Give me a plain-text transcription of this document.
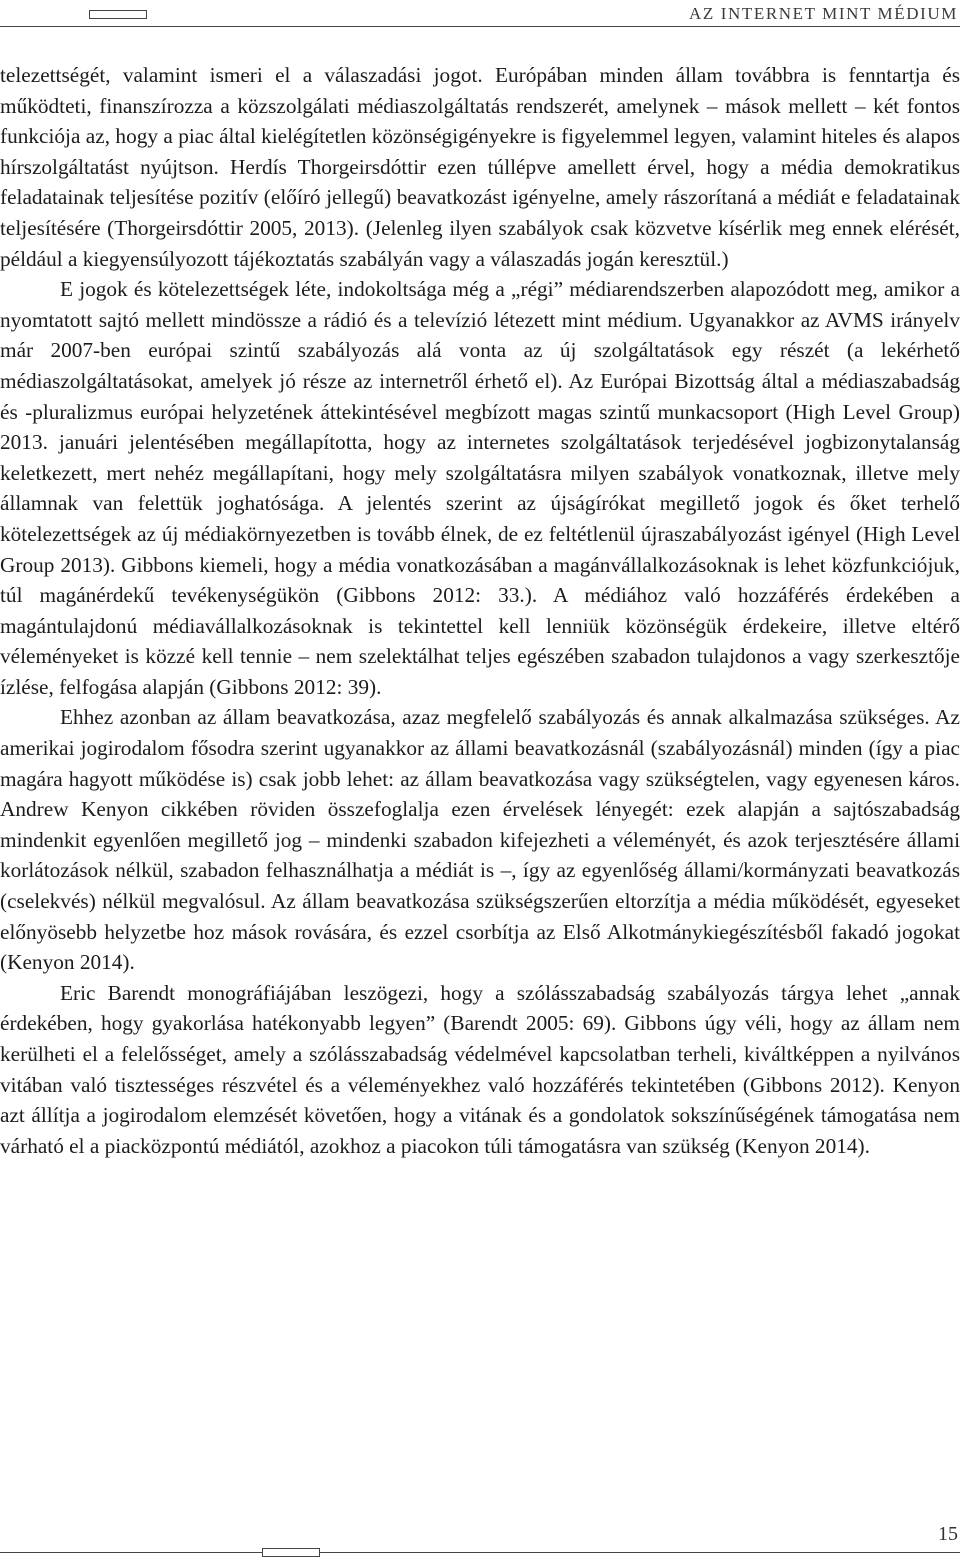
AZ INTERNET MINT MÉDIUM

telezettségét, valamint ismeri el a válaszadási jogot. Európában minden állam továbbra is fenntartja és működteti, finanszírozza a közszolgálati médiaszolgáltatás rendszerét, amelynek – mások mellett – két fontos funkciója az, hogy a piac által kielégítetlen közönségigényekre is figyelemmel legyen, valamint hiteles és alapos hírszolgáltatást nyújtson. Herdís Thorgeirsdóttir ezen túllépve amellett érvel, hogy a média demokratikus feladatainak teljesítése pozitív (előíró jellegű) beavatkozást igényelne, amely rászorítaná a médiát e feladatainak teljesítésére (Thorgeirsdóttir 2005, 2013). (Jelenleg ilyen szabályok csak közvetve kísérlik meg ennek elérését, például a kiegyensúlyozott tájékoztatás szabályán vagy a válaszadás jogán keresztül.)

E jogok és kötelezettségek léte, indokoltsága még a „régi” médiarendszerben alapozódott meg, amikor a nyomtatott sajtó mellett mindössze a rádió és a televízió létezett mint médium. Ugyanakkor az AVMS irányelv már 2007-ben európai szintű szabályozás alá vonta az új szolgáltatások egy részét (a lekérhető médiaszolgáltatásokat, amelyek jó része az internetről érhető el). Az Európai Bizottság által a médiaszabadság és -pluralizmus európai helyzetének áttekintésével megbízott magas szintű munkacsoport (High Level Group) 2013. januári jelentésében megállapította, hogy az internetes szolgáltatások terjedésével jogbizonytalanság keletkezett, mert nehéz megállapítani, hogy mely szolgáltatásra milyen szabályok vonatkoznak, illetve mely államnak van felettük joghatósága. A jelentés szerint az újságírókat megillető jogok és őket terhelő kötelezettségek az új médiakörnyezetben is tovább élnek, de ez feltétlenül újraszabályozást igényel (High Level Group 2013). Gibbons kiemeli, hogy a média vonatkozásában a magánvállalkozásoknak is lehet közfunkciójuk, túl magánérdekű tevékenységükön (Gibbons 2012: 33.). A médiához való hozzáférés érdekében a magántulajdonú médiavállalkozásoknak is tekintettel kell lenniük közönségük érdekeire, illetve eltérő véleményeket is közzé kell tennie – nem szelektálhat teljes egészében szabadon tulajdonos a vagy szerkesztője ízlése, felfogása alapján (Gibbons 2012: 39).

Ehhez azonban az állam beavatkozása, azaz megfelelő szabályozás és annak alkalmazása szükséges. Az amerikai jogirodalom fősodra szerint ugyanakkor az állami beavatkozásnál (szabályozásnál) minden (így a piac magára hagyott működése is) csak jobb lehet: az állam beavatkozása vagy szükségtelen, vagy egyenesen káros. Andrew Kenyon cikkében röviden összefoglalja ezen érvelések lényegét: ezek alapján a sajtószabadság mindenkit egyenlően megillető jog – mindenki szabadon kifejezheti a véleményét, és azok terjesztésére állami korlátozások nélkül, szabadon felhasználhatja a médiát is –, így az egyenlőség állami/kormányzati beavatkozás (cselekvés) nélkül megvalósul. Az állam beavatkozása szükségszerűen eltorzítja a média működését, egyeseket előnyösebb helyzetbe hoz mások rovására, és ezzel csorbítja az Első Alkotmánykiegészítésből fakadó jogokat (Kenyon 2014).

Eric Barendt monográfiájában leszögezi, hogy a szólásszabadság szabályozás tárgya lehet „annak érdekében, hogy gyakorlása hatékonyabb legyen” (Barendt 2005: 69). Gibbons úgy véli, hogy az állam nem kerülheti el a felelősséget, amely a szólásszabadság védelmével kapcsolatban terheli, kiváltképpen a nyilvános vitában való tisztességes részvétel és a véleményekhez való hozzáférés tekintetében (Gibbons 2012). Kenyon azt állítja a jogirodalom elemzését követően, hogy a vitának és a gondolatok sokszínűségének támogatása nem várható el a piacközpontú médiától, azokhoz a piacokon túli támogatásra van szükség (Kenyon 2014).

15
